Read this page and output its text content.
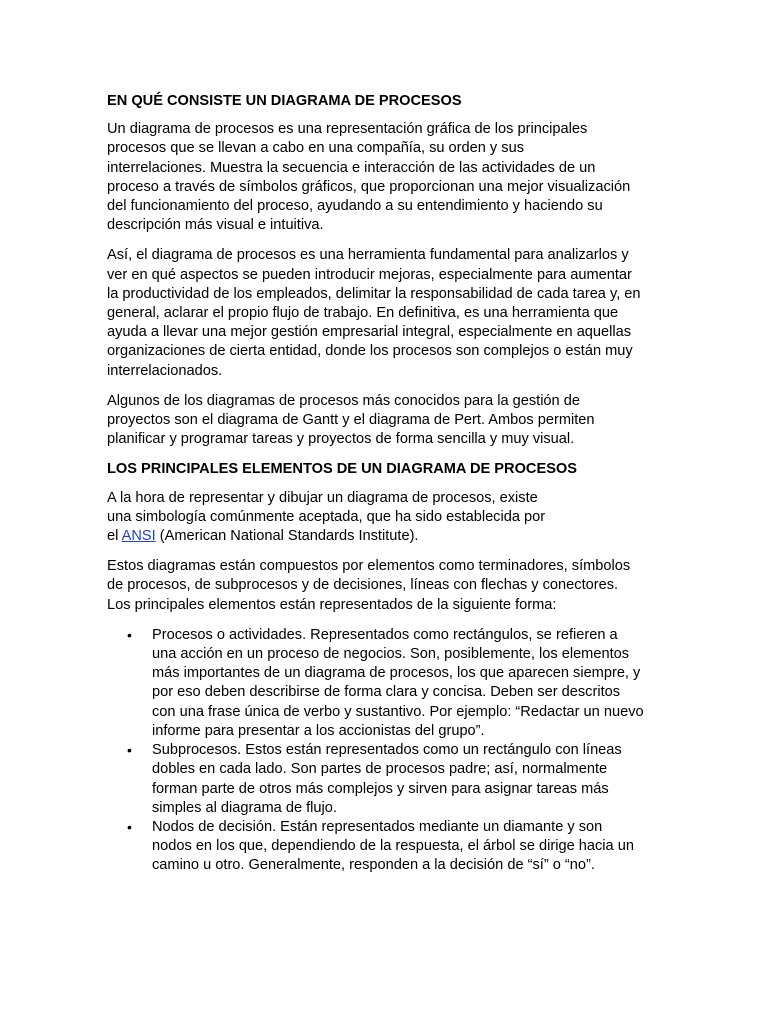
EN QUÉ CONSISTE UN DIAGRAMA DE PROCESOS
Un diagrama de procesos es una representación gráfica de los principales
procesos que se llevan a cabo en una compañía, su orden y sus
interrelaciones. Muestra la secuencia e interacción de las actividades de un
proceso a través de símbolos gráficos, que proporcionan una mejor visualización
del funcionamiento del proceso, ayudando a su entendimiento y haciendo su
descripción más visual e intuitiva.
Así, el diagrama de procesos es una herramienta fundamental para analizarlos y
ver en qué aspectos se pueden introducir mejoras, especialmente para aumentar
la productividad de los empleados, delimitar la responsabilidad de cada tarea y, en
general, aclarar el propio flujo de trabajo. En definitiva, es una herramienta que
ayuda a llevar una mejor gestión empresarial integral, especialmente en aquellas
organizaciones de cierta entidad, donde los procesos son complejos o están muy
interrelacionados.
Algunos de los diagramas de procesos más conocidos para la gestión de
proyectos son el diagrama de Gantt y el diagrama de Pert. Ambos permiten
planificar y programar tareas y proyectos de forma sencilla y muy visual.
LOS PRINCIPALES ELEMENTOS DE UN DIAGRAMA DE PROCESOS
A la hora de representar y dibujar un diagrama de procesos, existe
una simbología comúnmente aceptada, que ha sido establecida por
el ANSI (American National Standards Institute).
Estos diagramas están compuestos por elementos como terminadores, símbolos
de procesos, de subprocesos y de decisiones, líneas con flechas y conectores.
Los principales elementos están representados de la siguiente forma:
• Procesos o actividades. Representados como rectángulos, se refieren a
una acción en un proceso de negocios. Son, posiblemente, los elementos
más importantes de un diagrama de procesos, los que aparecen siempre, y
por eso deben describirse de forma clara y concisa. Deben ser descritos
con una frase única de verbo y sustantivo. Por ejemplo: “Redactar un nuevo
informe para presentar a los accionistas del grupo”.
• Subprocesos. Estos están representados como un rectángulo con líneas
dobles en cada lado. Son partes de procesos padre; así, normalmente
forman parte de otros más complejos y sirven para asignar tareas más
simples al diagrama de flujo.
• Nodos de decisión. Están representados mediante un diamante y son
nodos en los que, dependiendo de la respuesta, el árbol se dirige hacia un
camino u otro. Generalmente, responden a la decisión de “sí” o “no”.
